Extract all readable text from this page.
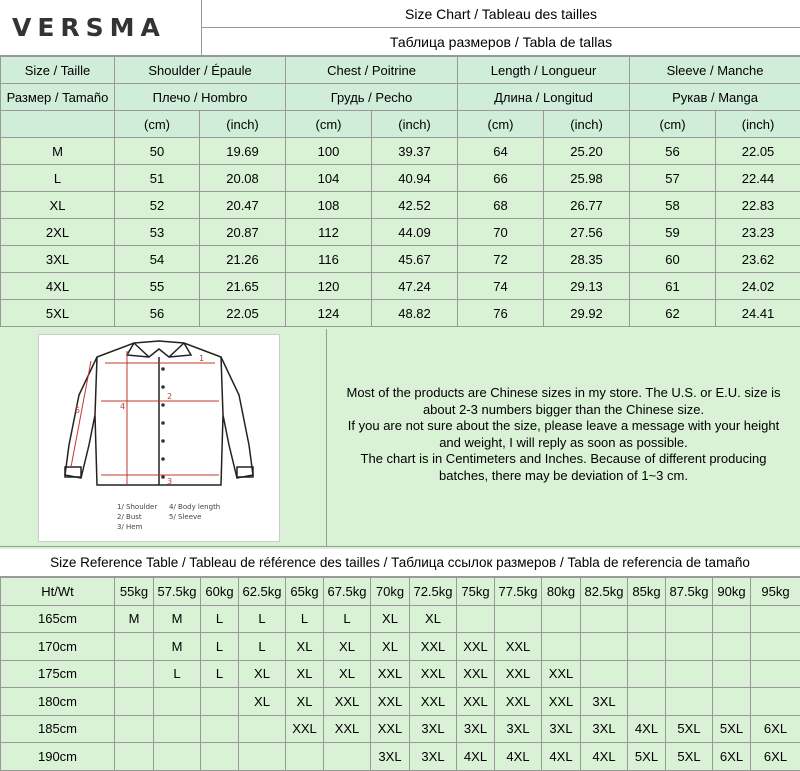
VERSMA	Size Chart / Tableau des tailles
Таблица размеров / Tabla de tallas
Size / Taille	Shoulder / Épaule		Chest / Poitrine		Length / Longueur		Sleeve / Manche	
Размер / Tamaño	Плечо / Hombro		Грудь / Pecho		Длина / Longitud		Рукав / Manga	
	(cm)	(inch)	(cm)	(inch)	(cm)	(inch)	(cm)	(inch)
M	50	19.69	100	39.37	64	25.20	56	22.05
L	51	20.08	104	40.94	66	25.98	57	22.44
XL	52	20.47	108	42.52	68	26.77	58	22.83
2XL	53	20.87	112	44.09	70	27.56	59	23.23
3XL	54	21.26	116	45.67	72	28.35	60	23.62
4XL	55	21.65	120	47.24	74	29.13	61	24.02
5XL	56	22.05	124	48.82	76	29.92	62	24.41
1
2
3
4
5
1/ Shoulder
2/ Bust
3/ Hem
4/ Body length
5/ Sleeve
Most of the products are Chinese sizes in my store. The U.S. or E.U. size is
about 2-3 numbers bigger than the Chinese size.
If you are not sure about the size, please leave a message with your height
and weight, I will reply as soon as possible.
The chart is in Centimeters and Inches. Because of different producing
batches, there may be deviation of 1~3 cm.
Size Reference Table / Tableau de référence des tailles / Таблица ссылок размеров / Tabla de referencia de tamaño
Ht/Wt	55kg	57.5kg	60kg	62.5kg	65kg	67.5kg	70kg	72.5kg	75kg	77.5kg	80kg	82.5kg	85kg	87.5kg	90kg	95kg
165cm	M	M	L	L	L	L	XL	XL								
170cm		M	L	L	XL	XL	XL	XXL	XXL	XXL						
175cm		L	L	XL	XL	XL	XXL	XXL	XXL	XXL	XXL					
180cm				XL	XL	XXL	XXL	XXL	XXL	XXL	XXL	3XL				
185cm					XXL	XXL	XXL	3XL	3XL	3XL	3XL	3XL	4XL	5XL	5XL	6XL
190cm							3XL	3XL	4XL	4XL	4XL	4XL	5XL	5XL	6XL	6XL
